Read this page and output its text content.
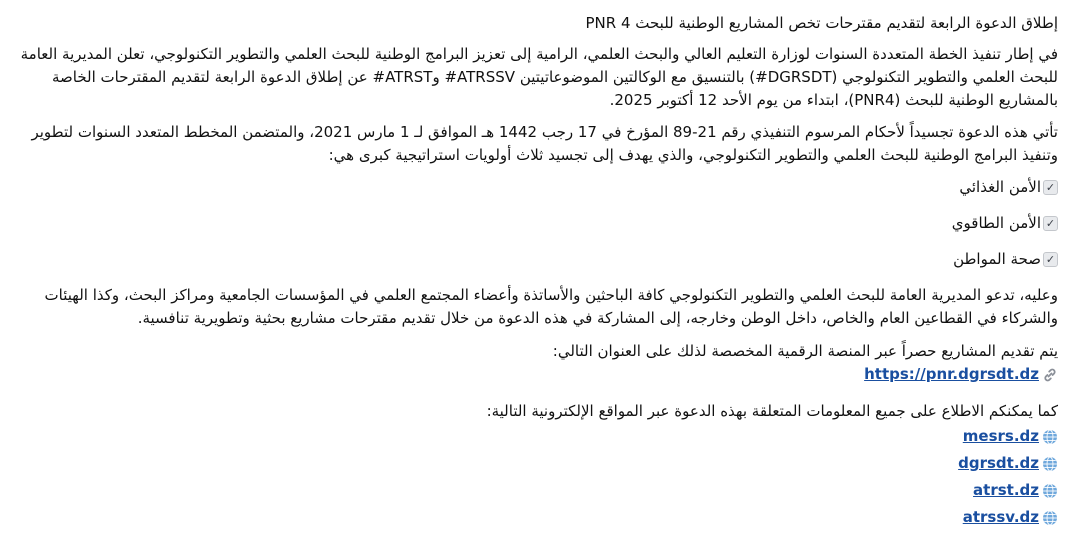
إطلاق الدعوة الرابعة لتقديم مقترحات تخص المشاريع الوطنية للبحث PNR 4

في إطار تنفيذ الخطة المتعددة السنوات لوزارة التعليم العالي والبحث العلمي، الرامية إلى تعزيز البرامج الوطنية للبحث العلمي والتطوير التكنولوجي، تعلن المديرية العامة للبحث العلمي والتطوير التكنولوجي (DGRSDT#) بالتنسيق مع الوكالتين الموضوعاتيتين ATRSSV# وATRST# عن إطلاق الدعوة الرابعة لتقديم المقترحات الخاصة بالمشاريع الوطنية للبحث (PNR4)، ابتداء من يوم الأحد 12 أكتوبر 2025.

تأتي هذه الدعوة تجسيداً لأحكام المرسوم التنفيذي رقم 21-89 المؤرخ في 17 رجب 1442 هـ الموافق لـ 1 مارس 2021، والمتضمن المخطط المتعدد السنوات لتطوير وتنفيذ البرامج الوطنية للبحث العلمي والتطوير التكنولوجي، والذي يهدف إلى تجسيد ثلاث أولويات استراتيجية كبرى هي:

✓
الأمن الغذائي
✓
الأمن الطاقوي
✓
صحة المواطن

وعليه، تدعو المديرية العامة للبحث العلمي والتطوير التكنولوجي كافة الباحثين والأساتذة وأعضاء المجتمع العلمي في المؤسسات الجامعية ومراكز البحث، وكذا الهيئات والشركاء في القطاعين العام والخاص، داخل الوطن وخارجه، إلى المشاركة في هذه الدعوة من خلال تقديم مقترحات مشاريع بحثية وتطويرية تنافسية.

يتم تقديم المشاريع حصراً عبر المنصة الرقمية المخصصة لذلك على العنوان التالي:

https://pnr.dgrsdt.dz

كما يمكنكم الاطلاع على جميع المعلومات المتعلقة بهذه الدعوة عبر المواقع الإلكترونية التالية:

mesrs.dz
dgrsdt.dz
atrst.dz
atrssv.dz
